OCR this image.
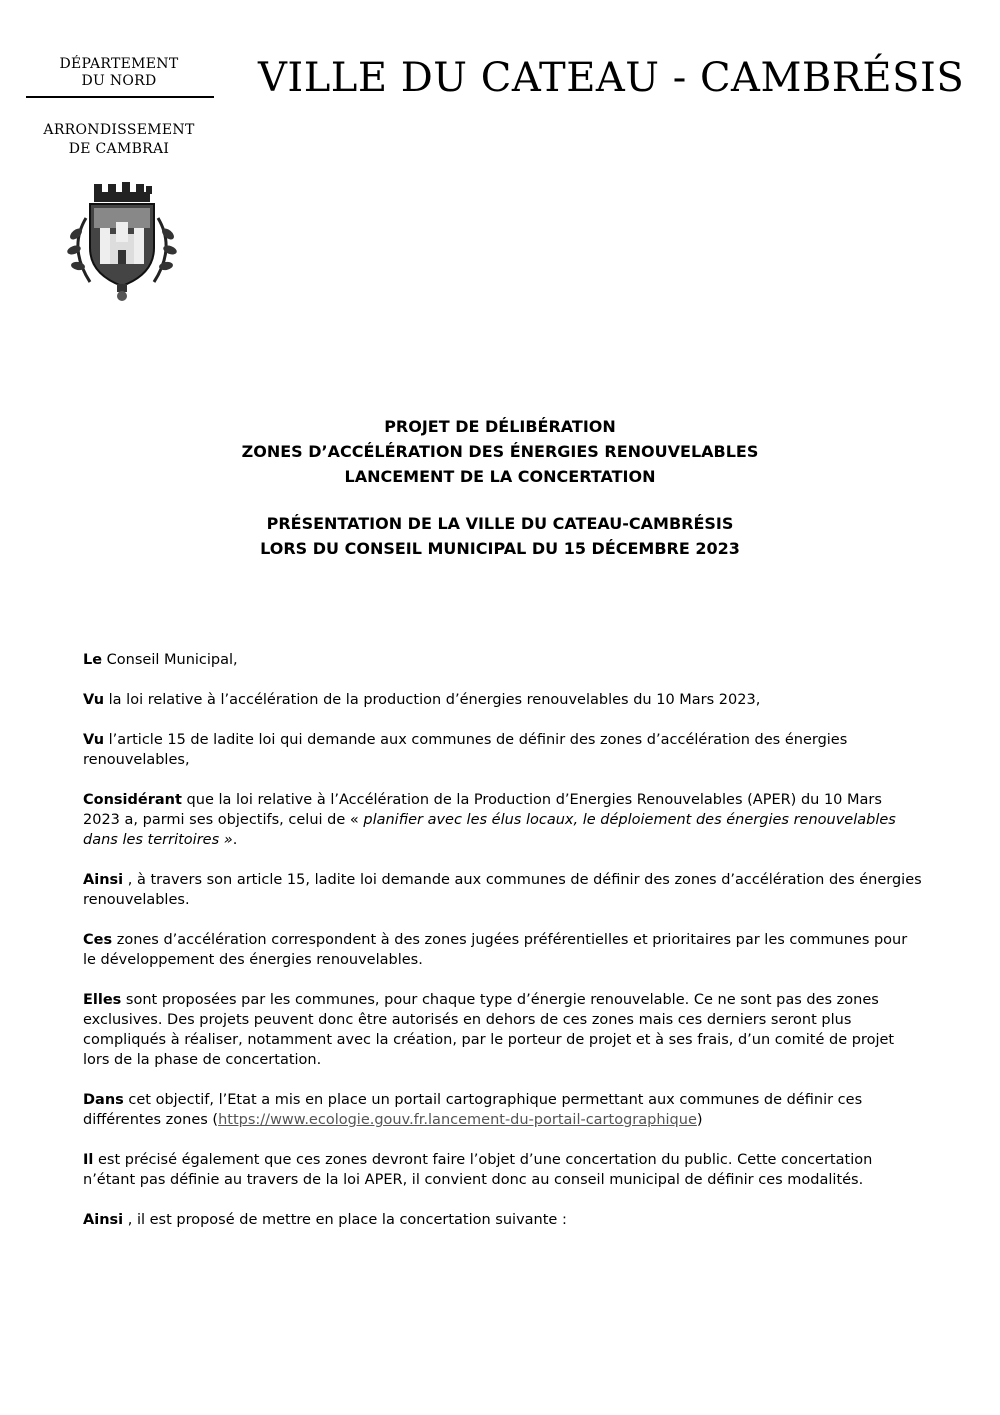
DÉPARTEMENT
DU NORD
ARRONDISSEMENT
DE CAMBRAI
VILLE DU CATEAU - CAMBRÉSIS
PROJET DE DÉLIBÉRATION
ZONES D’ACCÉLÉRATION DES ÉNERGIES RENOUVELABLES
LANCEMENT DE LA CONCERTATION
PRÉSENTATION DE LA VILLE DU CATEAU-CAMBRÉSIS
LORS DU CONSEIL MUNICIPAL DU 15 DÉCEMBRE 2023

Le Conseil Municipal,

Vu la loi relative à l’accélération de la production d’énergies renouvelables du 10 Mars 2023,

Vu l’article 15 de ladite loi qui demande aux communes de définir des zones d’accélération des énergies renouvelables,

Considérant que la loi relative à l’Accélération de la Production d’Energies Renouvelables (APER) du 10 Mars 2023 a, parmi ses objectifs, celui de « planifier avec les élus locaux, le déploiement des énergies renouvelables dans les territoires ».

Ainsi , à travers son article 15, ladite loi demande aux communes de définir des zones d’accélération des énergies renouvelables.

Ces zones d’accélération correspondent à des zones jugées préférentielles et prioritaires par les communes pour le développement des énergies renouvelables.

Elles sont proposées par les communes, pour chaque type d’énergie renouvelable. Ce ne sont pas des zones exclusives. Des projets peuvent donc être autorisés en dehors de ces zones mais ces derniers seront plus compliqués à réaliser, notamment avec la création, par le porteur de projet et à ses frais, d’un comité de projet lors de la phase de concertation.

Dans cet objectif, l’Etat a mis en place un portail cartographique permettant aux communes de définir ces différentes zones (https://www.ecologie.gouv.fr.lancement-du-portail-cartographique)

Il est précisé également que ces zones devront faire l’objet d’une concertation du public. Cette concertation n’étant pas définie au travers de la loi APER, il convient donc au conseil municipal de définir ces modalités.

Ainsi , il est proposé de mettre en place la concertation suivante :
